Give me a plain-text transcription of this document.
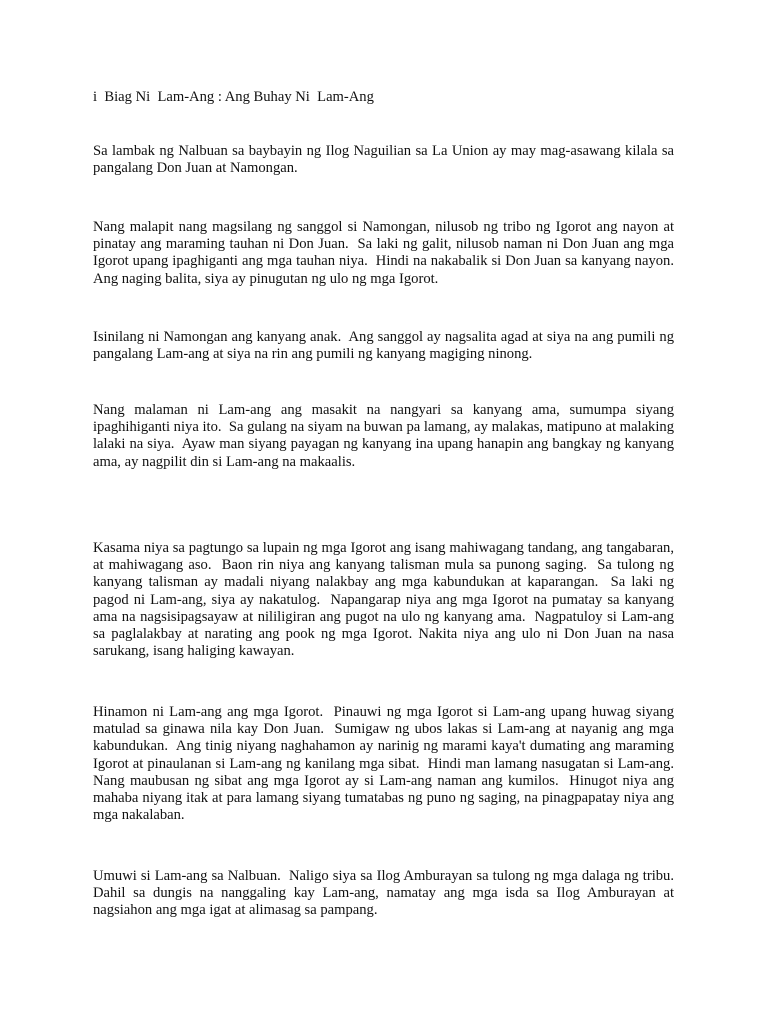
i  Biag Ni  Lam-Ang : Ang Buhay Ni  Lam-Ang

Sa lambak ng Nalbuan sa baybayin ng Ilog Naguilian sa La Union ay may mag-asawang kilala sa pangalang Don Juan at Namongan.

Nang malapit nang magsilang ng sanggol si Namongan, nilusob ng tribo ng Igorot ang nayon at pinatay ang maraming tauhan ni Don Juan.  Sa laki ng galit, nilusob naman ni Don Juan ang mga Igorot upang ipaghiganti ang mga tauhan niya.  Hindi na nakabalik si Don Juan sa kanyang nayon.  Ang naging balita, siya ay pinugutan ng ulo ng mga Igorot.

Isinilang ni Namongan ang kanyang anak.  Ang sanggol ay nagsalita agad at siya na ang pumili ng pangalang Lam-ang at siya na rin ang pumili ng kanyang magiging ninong.

Nang malaman ni Lam-ang ang masakit na nangyari sa kanyang ama, sumumpa siyang ipaghihiganti niya ito.  Sa gulang na siyam na buwan pa lamang, ay malakas, matipuno at malaking lalaki na siya.  Ayaw man siyang payagan ng kanyang ina upang hanapin ang bangkay ng kanyang ama, ay nagpilit din si Lam-ang na makaalis.

Kasama niya sa pagtungo sa lupain ng mga Igorot ang isang mahiwagang tandang, ang tangabaran, at mahiwagang aso.  Baon rin niya ang kanyang talisman mula sa punong saging.  Sa tulong ng kanyang talisman ay madali niyang nalakbay ang mga kabundukan at kaparangan.  Sa laki ng pagod ni Lam-ang, siya ay nakatulog.  Napangarap niya ang mga Igorot na pumatay sa kanyang ama na nagsisipagsayaw at nililigiran ang pugot na ulo ng kanyang ama.  Nagpatuloy si Lam-ang sa paglalakbay at narating ang pook ng mga Igorot. Nakita niya ang ulo ni Don Juan na nasa sarukang, isang haliging kawayan.

Hinamon ni Lam-ang ang mga Igorot.  Pinauwi ng mga Igorot si Lam-ang upang huwag siyang matulad sa ginawa nila kay Don Juan.  Sumigaw ng ubos lakas si Lam-ang at nayanig ang mga kabundukan.  Ang tinig niyang naghahamon ay narinig ng marami kaya't dumating ang maraming Igorot at pinaulanan si Lam-ang ng kanilang mga sibat.  Hindi man lamang nasugatan si Lam-ang.  Nang maubusan ng sibat ang mga Igorot ay si Lam-ang naman ang kumilos.  Hinugot niya ang mahaba niyang itak at para lamang siyang tumatabas ng puno ng saging, na pinagpapatay niya ang mga nakalaban.

Umuwi si Lam-ang sa Nalbuan.  Naligo siya sa Ilog Amburayan sa tulong ng mga dalaga ng tribu.  Dahil sa dungis na nanggaling kay Lam-ang, namatay ang mga isda sa Ilog Amburayan at nagsiahon ang mga igat at alimasag sa pampang.
